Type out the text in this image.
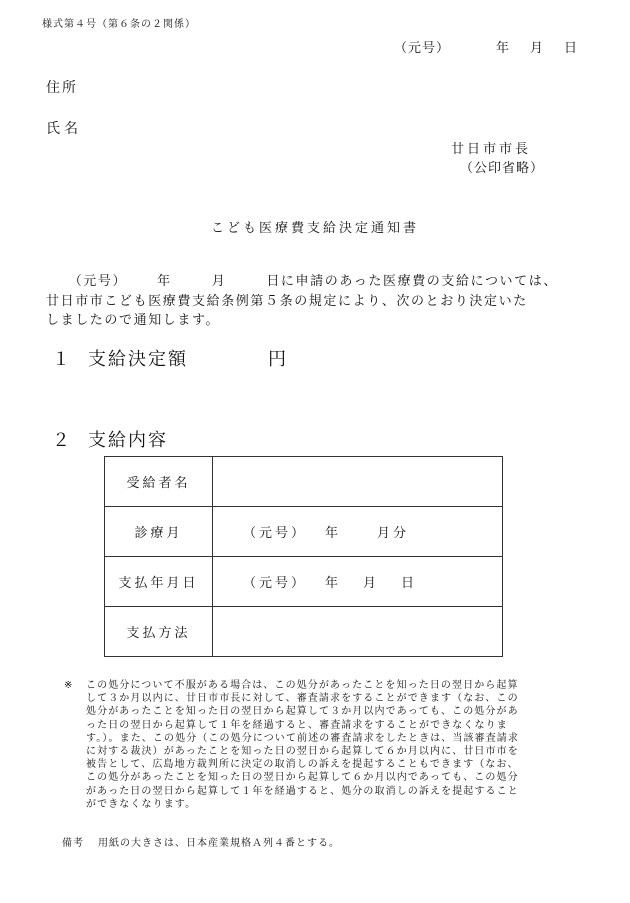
様式第４号（第６条の２関係）
（元号）	年 月 日
住所
氏名
廿日市市長
（公印省略）
こども医療費支給決定通知書
　　（元号） 年	月	日に申請のあった医療費の支給については、
廿日市市こども医療費支給条例第５条の規定により、次のとおり決定いた
しましたので通知します。
１ 支給決定額	円
２ 支給内容
受給者名	
診療月	（元号） 年 月分
支払年月日	（元号） 年 月 日
支払方法	
※ この処分について不服がある場合は、この処分があったことを知った日の翌日から起算
して３か月以内に、廿日市市長に対して、審査請求をすることができます（なお、この
処分があったことを知った日の翌日から起算して３か月以内であっても、この処分があ
った日の翌日から起算して１年を経過すると、審査請求をすることができなくなりま
す。）。また、この処分（この処分について前述の審査請求をしたときは、当該審査請求
に対する裁決）があったことを知った日の翌日から起算して６か月以内に、廿日市市を
被告として、広島地方裁判所に決定の取消しの訴えを提起することもできます（なお、
この処分があったことを知った日の翌日から起算して６か月以内であっても、この処分
があった日の翌日から起算して１年を経過すると、処分の取消しの訴えを提起すること
ができなくなります。
備考 用紙の大きさは、日本産業規格Ａ列４番とする。
